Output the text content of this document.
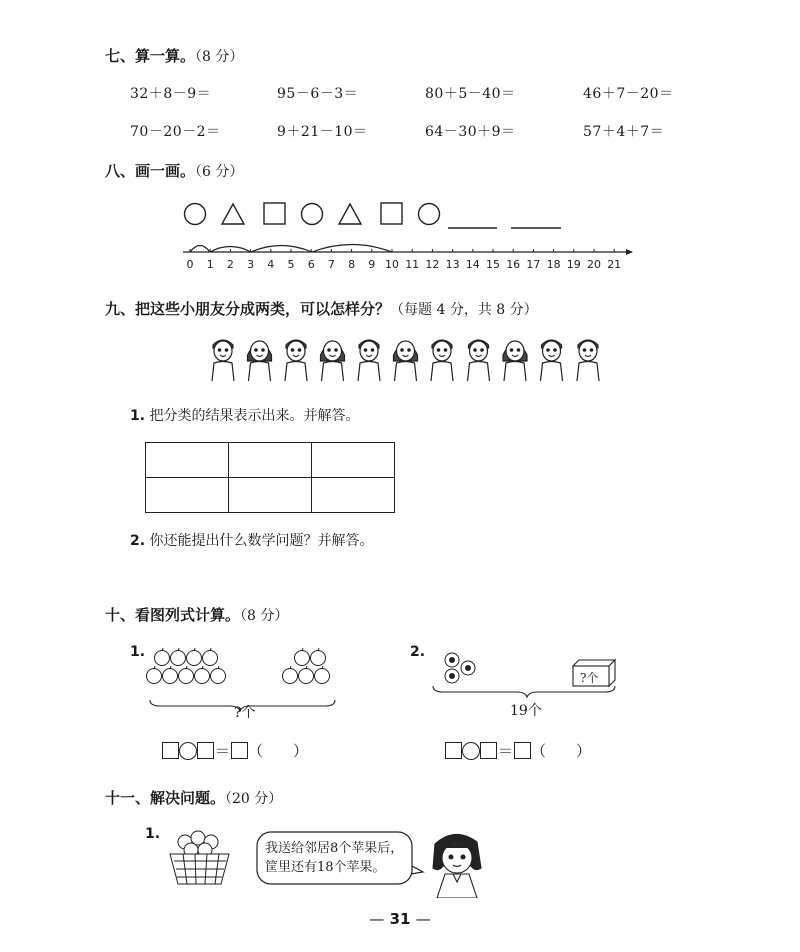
七、算一算。（8 分）
32＋8－9＝	95－6－3＝	80＋5－40＝	46＋7－20＝
70－20－2＝	9＋21－10＝	64－30＋9＝	57＋4＋7＝
八、画一画。（6 分）
0 1 2 3 4 5 6 7 8 9 10 11 12 13 14 15 16 17 18 19 20 21
九、把这些小朋友分成两类，可以怎样分？（每题 4 分，共 8 分）
1. 把分类的结果表示出来。并解答。

2. 你还能提出什么数学问题？并解答。
十、看图列式计算。（8 分）
1.
?个
2.
?个
19个
＝ （　　）	＝ （　　）
十一、解决问题。（20 分）
1.
我送给邻居8个苹果后，
筐里还有18个苹果。
— 31 —
